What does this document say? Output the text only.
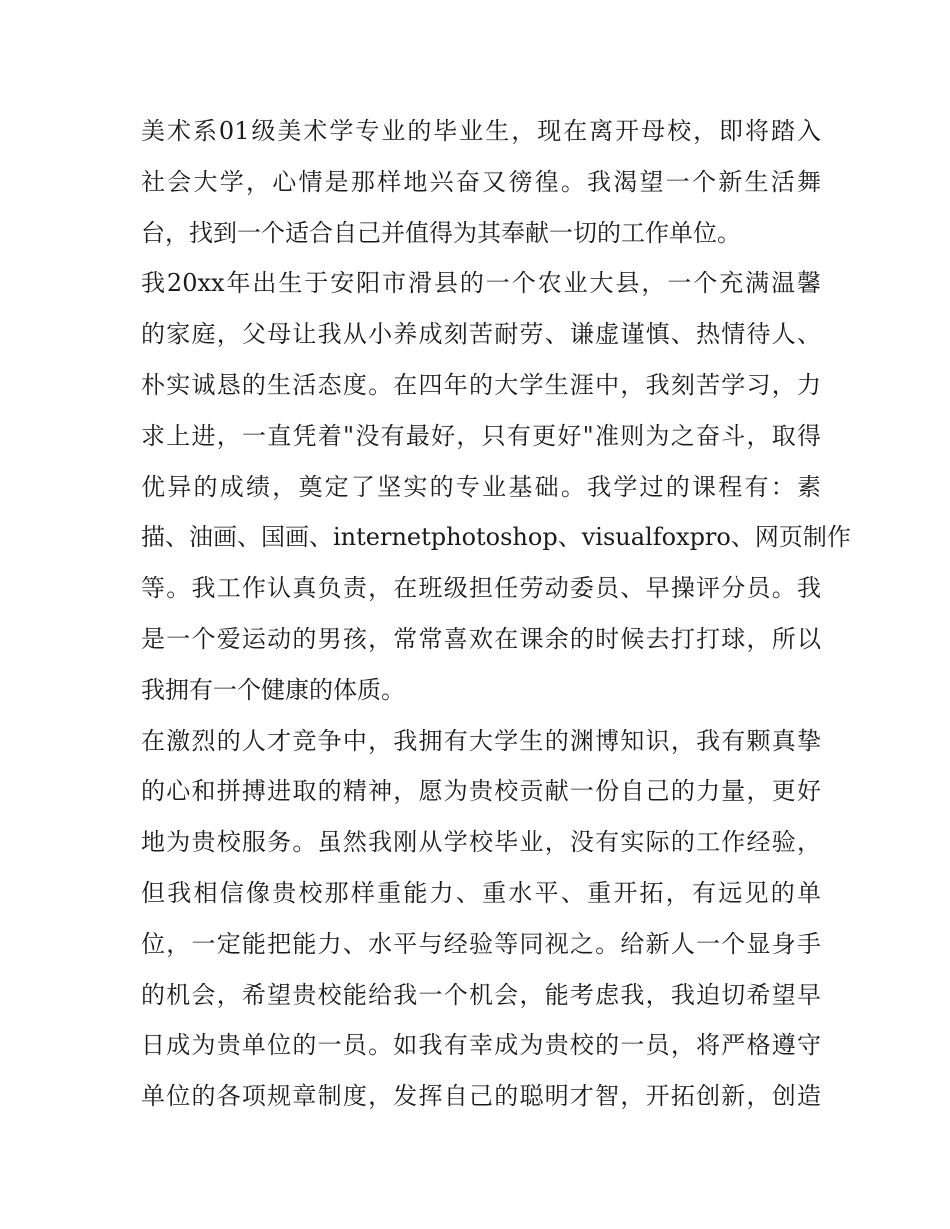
美术系01级美术学专业的毕业生，现在离开母校，即将踏入
社会大学，心情是那样地兴奋又徬徨。我渴望一个新生活舞
台，找到一个适合自己并值得为其奉献一切的工作单位。
我20xx年出生于安阳市滑县的一个农业大县，一个充满温馨
的家庭，父母让我从小养成刻苦耐劳、谦虚谨慎、热情待人、
朴实诚恳的生活态度。在四年的大学生涯中，我刻苦学习，力
求上进，一直凭着"没有最好，只有更好"准则为之奋斗，取得
优异的成绩，奠定了坚实的专业基础。我学过的课程有：素
描、油画、国画、internetphotoshop、visualfoxpro、网页制作
等。我工作认真负责，在班级担任劳动委员、早操评分员。我
是一个爱运动的男孩，常常喜欢在课余的时候去打打球，所以
我拥有一个健康的体质。
在激烈的人才竞争中，我拥有大学生的渊博知识，我有颗真挚
的心和拼搏进取的精神，愿为贵校贡献一份自己的力量，更好
地为贵校服务。虽然我刚从学校毕业，没有实际的工作经验，
但我相信像贵校那样重能力、重水平、重开拓，有远见的单
位，一定能把能力、水平与经验等同视之。给新人一个显身手
的机会，希望贵校能给我一个机会，能考虑我，我迫切希望早
日成为贵单位的一员。如我有幸成为贵校的一员，将严格遵守
单位的各项规章制度，发挥自己的聪明才智，开拓创新，创造
